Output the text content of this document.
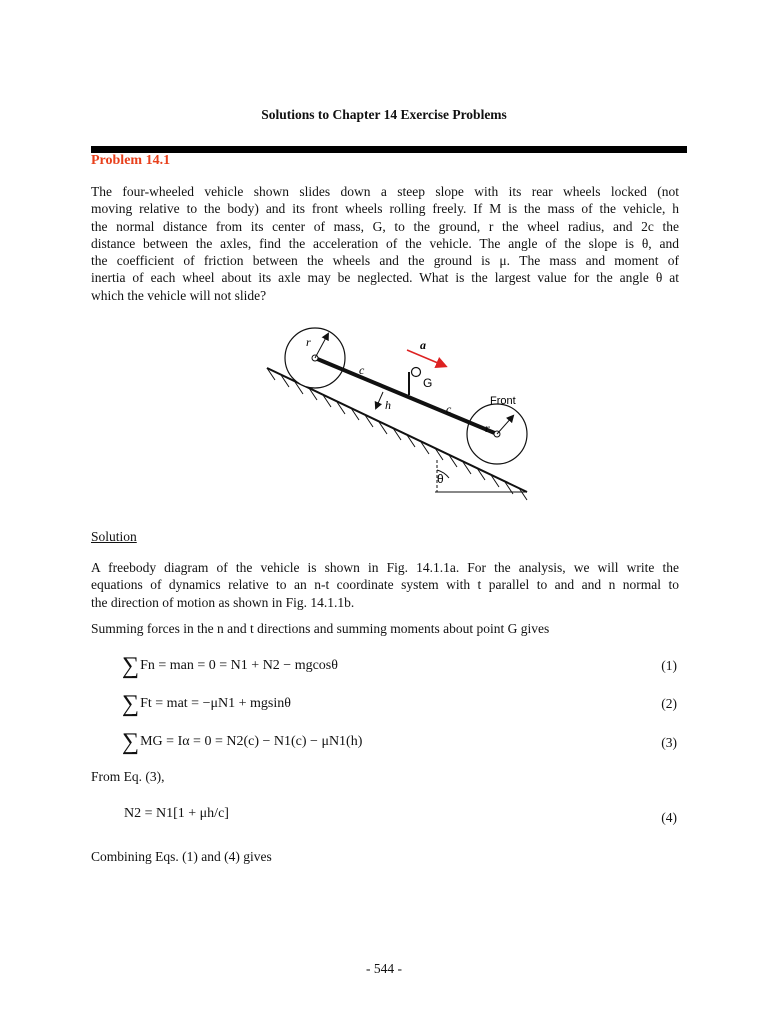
Solutions to Chapter 14 Exercise Problems
Problem 14.1
The four-wheeled vehicle shown slides down a steep slope with its rear wheels locked (not
moving relative to the body) and its front wheels rolling freely. If M is the mass of the vehicle, h
the normal distance from its center of mass, G, to the ground, r the wheel radius, and 2c the
distance between the axles, find the acceleration of the vehicle. The angle of the slope is θ, and
the coefficient of friction between the wheels and the ground is μ. The mass and moment of
inertia of each wheel about its axle may be neglected. What is the largest value for the angle θ at
which the vehicle will not slide?
θ
r
r
G
c
c
h
a
Front
Solution
A freebody diagram of the vehicle is shown in Fig. 14.1.1a. For the analysis, we will write the
equations of dynamics relative to an n-t coordinate system with t parallel to and and n normal to
the direction of motion as shown in Fig. 14.1.1b.
Summing forces in the n and t directions and summing moments about point G gives
∑Fn = man = 0 = N1 + N2 − mgcosθ	(1)
∑Ft = mat = −μN1 + mgsinθ	(2)
∑MG = Iα = 0 = N2(c) − N1(c) − μN1(h)	(3)
From Eq. (3),
N2 = N1[1 + μh/c]	(4)
Combining Eqs. (1) and (4) gives
- 544 -
